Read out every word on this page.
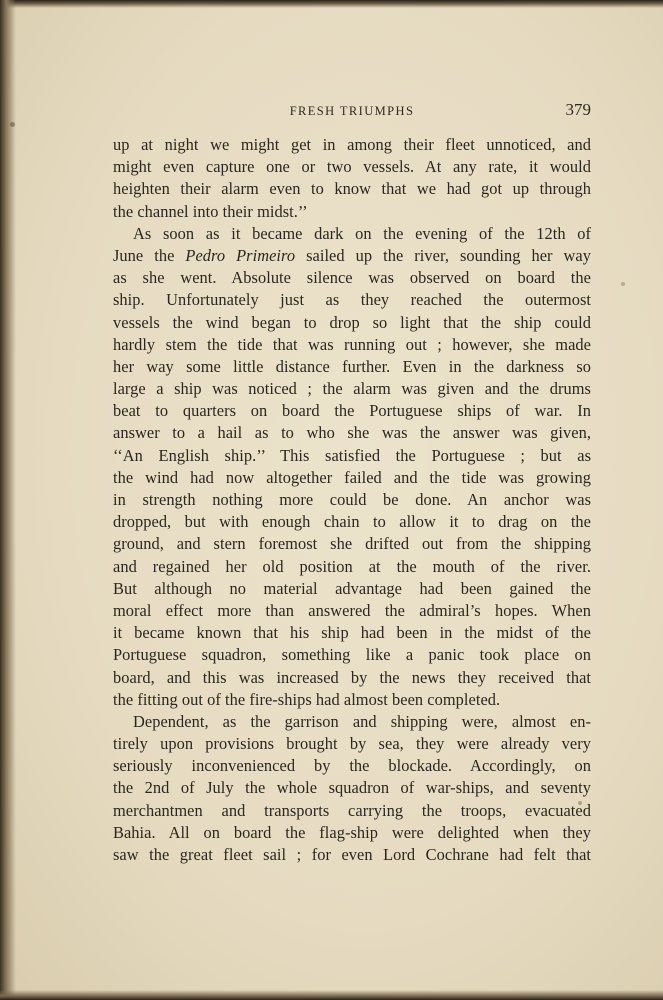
FRESH TRIUMPHS	379
up at night we might get in among their fleet unnoticed, and
might even capture one or two vessels. At any rate, it would
heighten their alarm even to know that we had got up through
the channel into their midst.’’
As soon as it became dark on the evening of the 12th of
June the Pedro Primeiro sailed up the river, sounding her way
as she went. Absolute silence was observed on board the
ship. Unfortunately just as they reached the outermost
vessels the wind began to drop so light that the ship could
hardly stem the tide that was running out ; however, she made
her way some little distance further. Even in the darkness so
large a ship was noticed ; the alarm was given and the drums
beat to quarters on board the Portuguese ships of war. In
answer to a hail as to who she was the answer was given,
‘‘An English ship.’’ This satisfied the Portuguese ; but as
the wind had now altogether failed and the tide was growing
in strength nothing more could be done. An anchor was
dropped, but with enough chain to allow it to drag on the
ground, and stern foremost she drifted out from the shipping
and regained her old position at the mouth of the river.
But although no material advantage had been gained the
moral effect more than answered the admiral’s hopes. When
it became known that his ship had been in the midst of the
Portuguese squadron, something like a panic took place on
board, and this was increased by the news they received that
the fitting out of the fire-ships had almost been completed.
Dependent, as the garrison and shipping were, almost en-
tirely upon provisions brought by sea, they were already very
seriously inconvenienced by the blockade. Accordingly, on
the 2nd of July the whole squadron of war-ships, and seventy
merchantmen and transports carrying the troops, evacuated
Bahia. All on board the flag-ship were delighted when they
saw the great fleet sail ; for even Lord Cochrane had felt that
